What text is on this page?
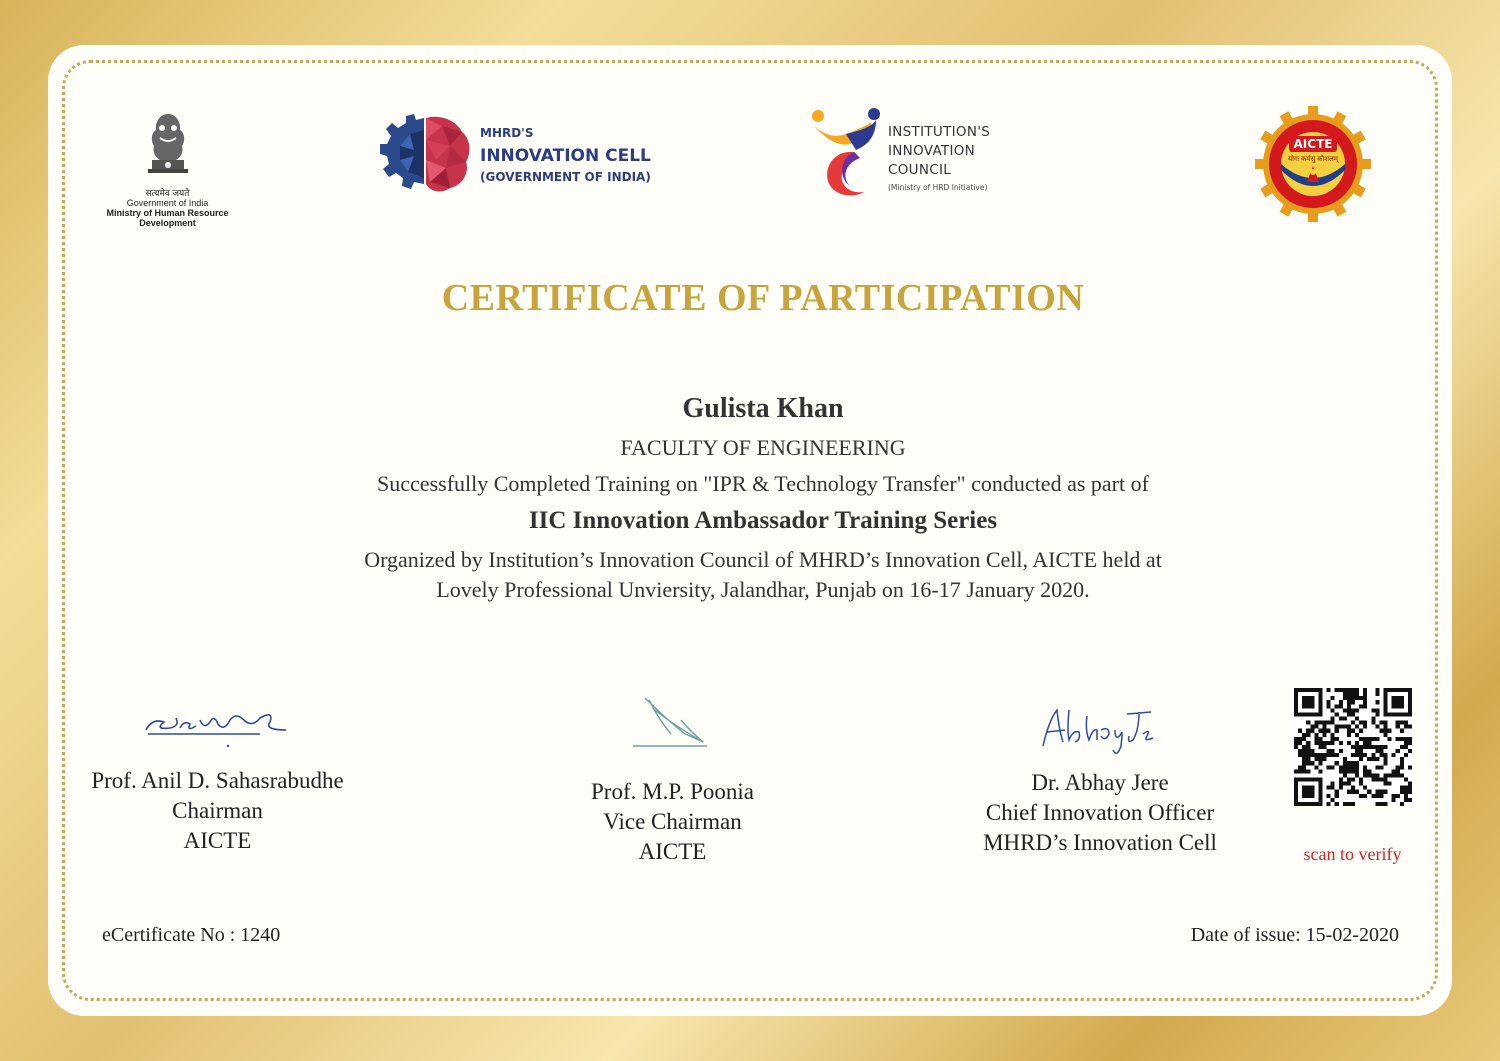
सत्यमेव जयते
Government of India
Ministry of Human Resource
Development
MHRD'S
INNOVATION CELL
(GOVERNMENT OF INDIA)
INSTITUTION'S
INNOVATION
COUNCIL
(Ministry of HRD Initiative)
AICTE
योगः कर्मसु कौशलम्
CERTIFICATE OF PARTICIPATION
Gulista Khan
FACULTY OF ENGINEERING
Successfully Completed Training on "IPR & Technology Transfer" conducted as part of
IIC Innovation Ambassador Training Series
Organized by Institution’s Innovation Council of MHRD’s Innovation Cell, AICTE held at
Lovely Professional Unviersity, Jalandhar, Punjab on 16-17 January 2020.
Prof. Anil D. Sahasrabudhe
Chairman
AICTE
Prof. M.P. Poonia
Vice Chairman
AICTE
Dr. Abhay Jere
Chief Innovation Officer
MHRD’s Innovation Cell	scan to verify
eCertificate No : 1240	Date of issue: 15-02-2020
